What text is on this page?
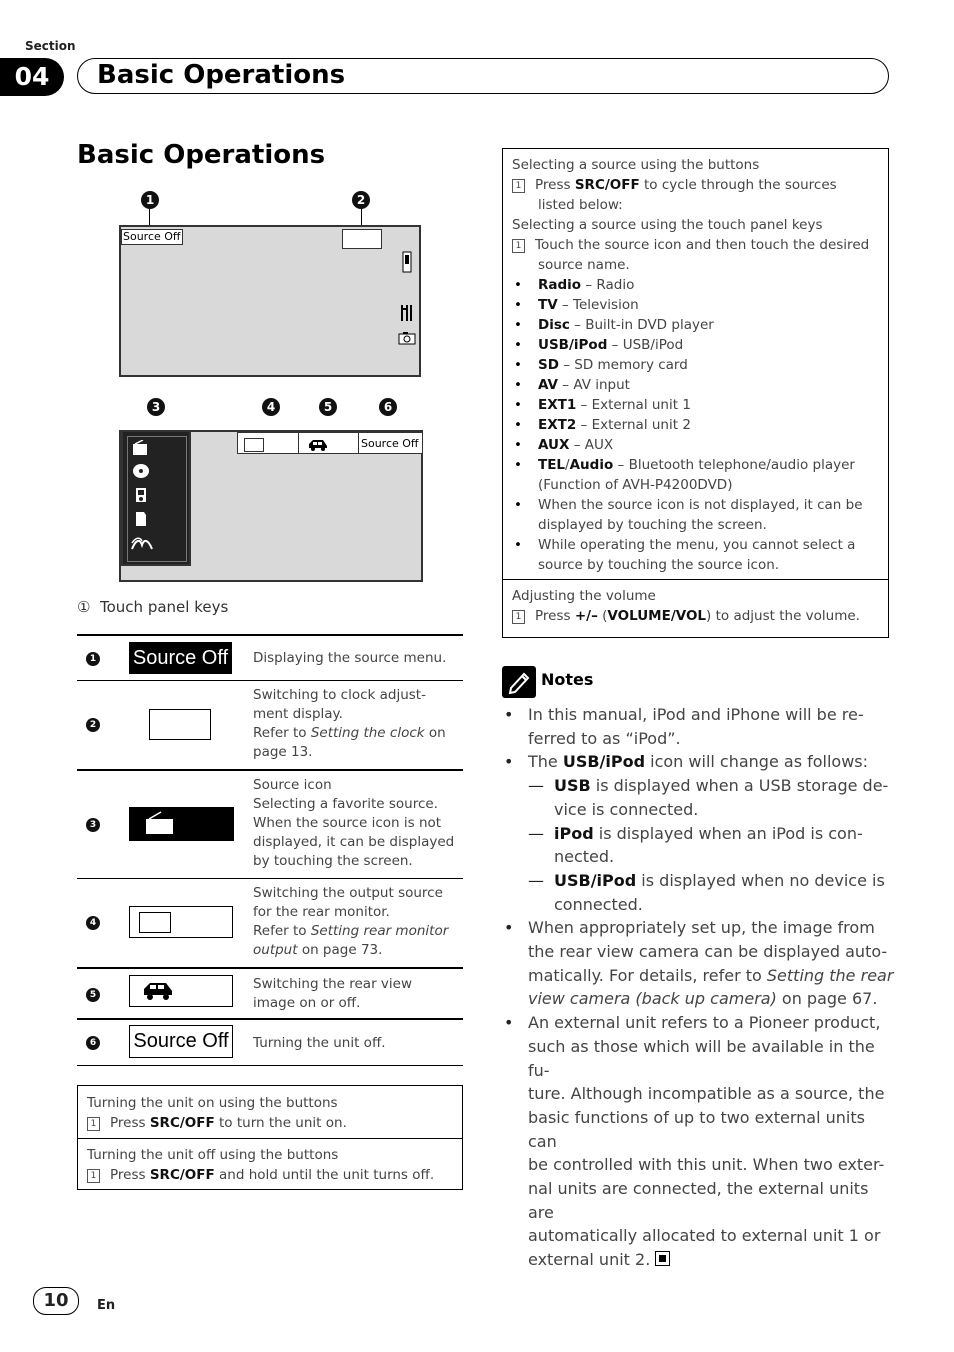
Section
04	Basic Operations
Basic Operations
1	2
Source Off
3	4	5	6
Source Off
① Touch panel keys
1 Source Off Displaying the source menu.
2
Switching to clock adjust-
ment display.
Refer to Setting the clock on
page 13.
3
Source icon
Selecting a favorite source.
When the source icon is not
displayed, it can be displayed
by touching the screen.
4
Switching the output source
for the rear monitor.
Refer to Setting rear monitor
output on page 73.
5
Switching the rear view
image on or off.
6 Source Off	Turning the unit off.
Turning the unit on using the buttons
1 Press SRC/OFF to turn the unit on.
Turning the unit off using the buttons
1 Press SRC/OFF and hold until the unit turns off.
Selecting a source using the buttons
1 Press SRC/OFF to cycle through the sources
listed below:
Selecting a source using the touch panel keys
1 Touch the source icon and then touch the desired
source name.
• Radio – Radio
• TV – Television
• Disc – Built-in DVD player
• USB/iPod – USB/iPod
• SD – SD memory card
• AV – AV input
• EXT1 – External unit 1
• EXT2 – External unit 2
• AUX – AUX
• TEL/Audio – Bluetooth telephone/audio player
(Function of AVH-P4200DVD)
• When the source icon is not displayed, it can be
displayed by touching the screen.
• While operating the menu, you cannot select a
source by touching the source icon.
Adjusting the volume
1 Press +/– (VOLUME/VOL) to adjust the volume.
Notes
• In this manual, iPod and iPhone will be re-
ferred to as “iPod”.
• The USB/iPod icon will change as follows:
— USB is displayed when a USB storage de-
vice is connected.
— iPod is displayed when an iPod is con-
nected.
— USB/iPod is displayed when no device is
connected.
• When appropriately set up, the image from
the rear view camera can be displayed auto-
matically. For details, refer to Setting the rear
view camera (back up camera) on page 67.
• An external unit refers to a Pioneer product,
such as those which will be available in the fu-
ture. Although incompatible as a source, the
basic functions of up to two external units can
be controlled with this unit. When two exter-
nal units are connected, the external units are
automatically allocated to external unit 1 or
external unit 2.
10	En
